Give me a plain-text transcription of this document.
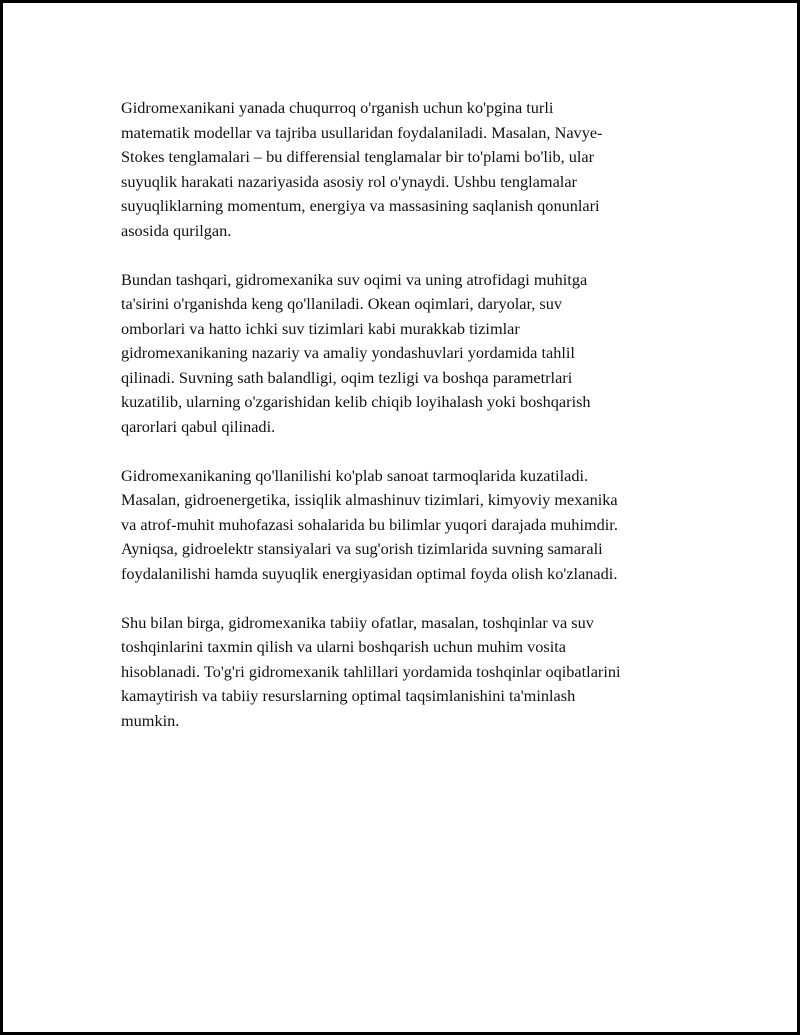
Gidromexanikani yanada chuqurroq o'rganish uchun ko'pgina turli
matematik modellar va tajriba usullaridan foydalaniladi. Masalan, Navye-
Stokes tenglamalari – bu differensial tenglamalar bir to'plami bo'lib, ular
suyuqlik harakati nazariyasida asosiy rol o'ynaydi. Ushbu tenglamalar
suyuqliklarning momentum, energiya va massasining saqlanish qonunlari
asosida qurilgan.

Bundan tashqari, gidromexanika suv oqimi va uning atrofidagi muhitga
ta'sirini o'rganishda keng qo'llaniladi. Okean oqimlari, daryolar, suv
omborlari va hatto ichki suv tizimlari kabi murakkab tizimlar
gidromexanikaning nazariy va amaliy yondashuvlari yordamida tahlil
qilinadi. Suvning sath balandligi, oqim tezligi va boshqa parametrlari
kuzatilib, ularning o'zgarishidan kelib chiqib loyihalash yoki boshqarish
qarorlari qabul qilinadi.

Gidromexanikaning qo'llanilishi ko'plab sanoat tarmoqlarida kuzatiladi.
Masalan, gidroenergetika, issiqlik almashinuv tizimlari, kimyoviy mexanika
va atrof-muhit muhofazasi sohalarida bu bilimlar yuqori darajada muhimdir.
Ayniqsa, gidroelektr stansiyalari va sug'orish tizimlarida suvning samarali
foydalanilishi hamda suyuqlik energiyasidan optimal foyda olish ko'zlanadi.

Shu bilan birga, gidromexanika tabiiy ofatlar, masalan, toshqinlar va suv
toshqinlarini taxmin qilish va ularni boshqarish uchun muhim vosita
hisoblanadi. To'g'ri gidromexanik tahlillari yordamida toshqinlar oqibatlarini
kamaytirish va tabiiy resurslarning optimal taqsimlanishini ta'minlash
mumkin.
